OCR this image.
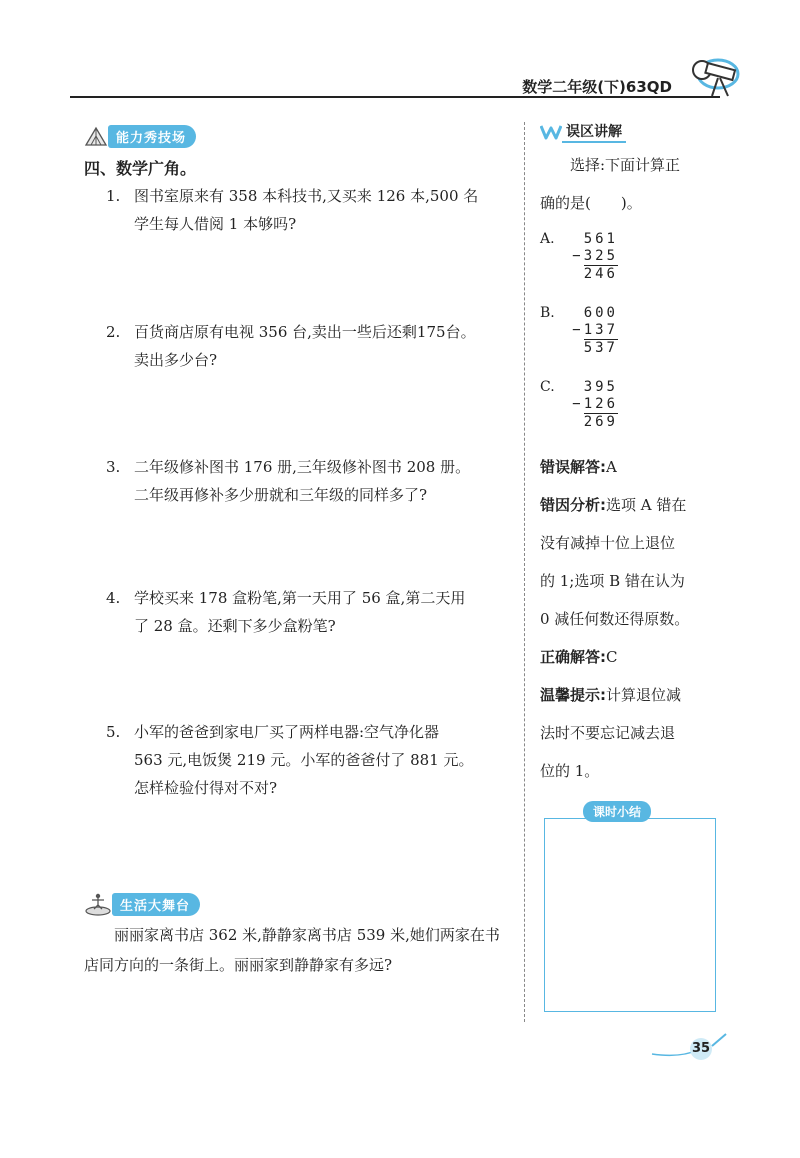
数学二年级(下)63QD
能力秀技场
四、数学广角。
1. 图书室原来有 358 本科技书,又买来 126 本,500 名
学生每人借阅 1 本够吗?
2. 百货商店原有电视 356 台,卖出一些后还剩175台。
卖出多少台?
3. 二年级修补图书 176 册,三年级修补图书 208 册。
二年级再修补多少册就和三年级的同样多了?
4. 学校买来 178 盒粉笔,第一天用了 56 盒,第二天用
了 28 盒。还剩下多少盒粉笔?
5. 小军的爸爸到家电厂买了两样电器:空气净化器
563 元,电饭煲 219 元。小军的爸爸付了 881 元。
怎样检验付得对不对?
生活大舞台
丽丽家离书店 362 米,静静家离书店 539 米,她们两家在书店同方向的一条街上。丽丽家到静静家有多远?
误区讲解
选择:下面计算正
确的是(　　)。
A.	561
−325
246
B.	600
−137
537
C.	395
−126
269
错误解答:A
错因分析:选项 A 错在
没有减掉十位上退位
的 1;选项 B 错在认为
0 减任何数还得原数。
正确解答:C
温馨提示:计算退位减
法时不要忘记减去退
位的 1。
课时小结
35
